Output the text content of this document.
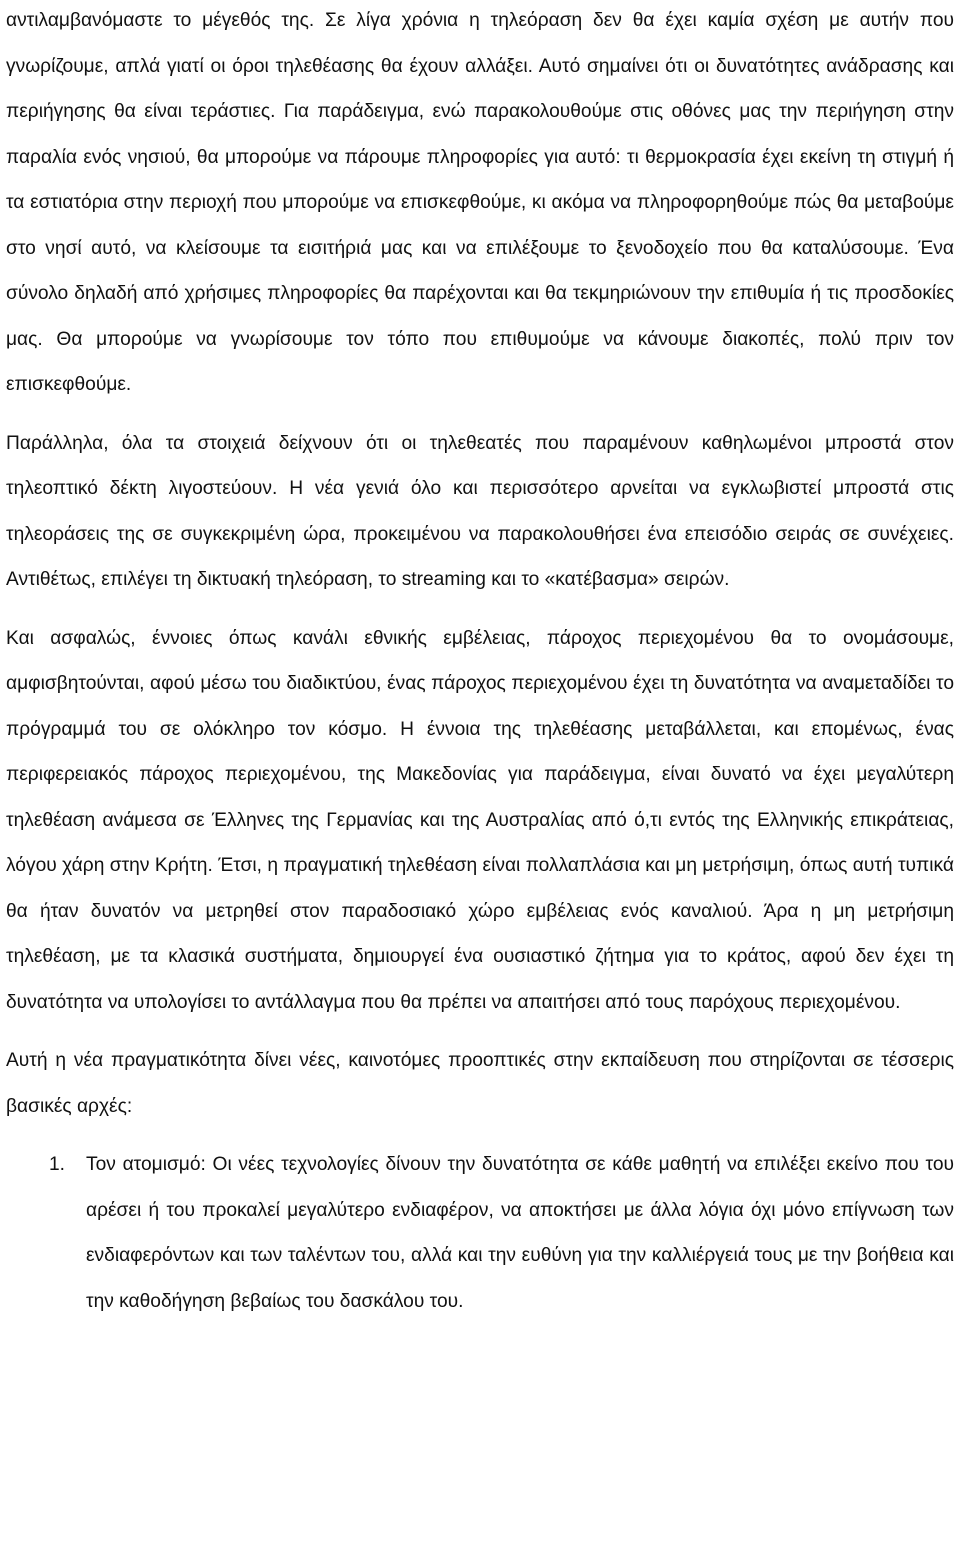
αντιλαμβανόμαστε το μέγεθός της. Σε λίγα χρόνια η τηλεόραση δεν θα έχει καμία σχέση με αυτήν που γνωρίζουμε, απλά γιατί οι όροι τηλεθέασης θα έχουν αλλάξει. Αυτό σημαίνει ότι οι δυνατότητες ανάδρασης και περιήγησης θα είναι τεράστιες. Για παράδειγμα, ενώ παρακολουθούμε στις οθόνες μας την περιήγηση στην παραλία ενός νησιού, θα μπορούμε να πάρουμε πληροφορίες για αυτό: τι θερμοκρασία έχει εκείνη τη στιγμή ή τα εστιατόρια στην περιοχή που μπορούμε να επισκεφθούμε, κι ακόμα να πληροφορηθούμε πώς θα μεταβούμε στο νησί αυτό, να κλείσουμε τα εισιτήριά μας και να επιλέξουμε το ξενοδοχείο που θα καταλύσουμε. Ένα σύνολο δηλαδή από χρήσιμες πληροφορίες θα παρέχονται και θα τεκμηριώνουν την επιθυμία ή τις προσδοκίες μας. Θα μπορούμε να γνωρίσουμε τον τόπο που επιθυμούμε να κάνουμε διακοπές, πολύ πριν τον επισκεφθούμε.

Παράλληλα, όλα τα στοιχειά δείχνουν ότι οι τηλεθεατές που παραμένουν καθηλωμένοι μπροστά στον τηλεοπτικό δέκτη λιγοστεύουν. Η νέα γενιά όλο και περισσότερο αρνείται να εγκλωβιστεί μπροστά στις τηλεοράσεις της σε συγκεκριμένη ώρα, προκειμένου να παρακολουθήσει ένα επεισόδιο σειράς σε συνέχειες. Αντιθέτως, επιλέγει τη δικτυακή τηλεόραση, το streaming και το «κατέβασμα» σειρών.

Και ασφαλώς, έννοιες όπως κανάλι εθνικής εμβέλειας, πάροχος περιεχομένου θα το ονομάσουμε, αμφισβητούνται, αφού μέσω του διαδικτύου, ένας πάροχος περιεχομένου έχει τη δυνατότητα να αναμεταδίδει το πρόγραμμά του σε ολόκληρο τον κόσμο. Η έννοια της τηλεθέασης μεταβάλλεται, και επομένως, ένας περιφερειακός πάροχος περιεχομένου, της Μακεδονίας για παράδειγμα, είναι δυνατό να έχει μεγαλύτερη τηλεθέαση ανάμεσα σε Έλληνες της Γερμανίας και της Αυστραλίας από ό,τι εντός της Ελληνικής επικράτειας, λόγου χάρη στην Κρήτη. Έτσι, η πραγματική τηλεθέαση είναι πολλαπλάσια και μη μετρήσιμη, όπως αυτή τυπικά θα ήταν δυνατόν να μετρηθεί στον παραδοσιακό χώρο εμβέλειας ενός καναλιού. Άρα η μη μετρήσιμη τηλεθέαση, με τα κλασικά συστήματα, δημιουργεί ένα ουσιαστικό ζήτημα για το κράτος, αφού δεν έχει τη δυνατότητα να υπολογίσει το αντάλλαγμα που θα πρέπει να απαιτήσει από τους παρόχους περιεχομένου.

Αυτή η νέα πραγματικότητα δίνει νέες, καινοτόμες προοπτικές στην εκπαίδευση που στηρίζονται σε τέσσερις βασικές αρχές:

1. Τον ατομισμό: Οι νέες τεχνολογίες δίνουν την δυνατότητα σε κάθε μαθητή να επιλέξει εκείνο που του αρέσει ή του προκαλεί μεγαλύτερο ενδιαφέρον, να αποκτήσει με άλλα λόγια όχι μόνο επίγνωση των ενδιαφερόντων και των ταλέντων του, αλλά και την ευθύνη για την καλλιέργειά τους με την βοήθεια και την καθοδήγηση βεβαίως του δασκάλου του.
